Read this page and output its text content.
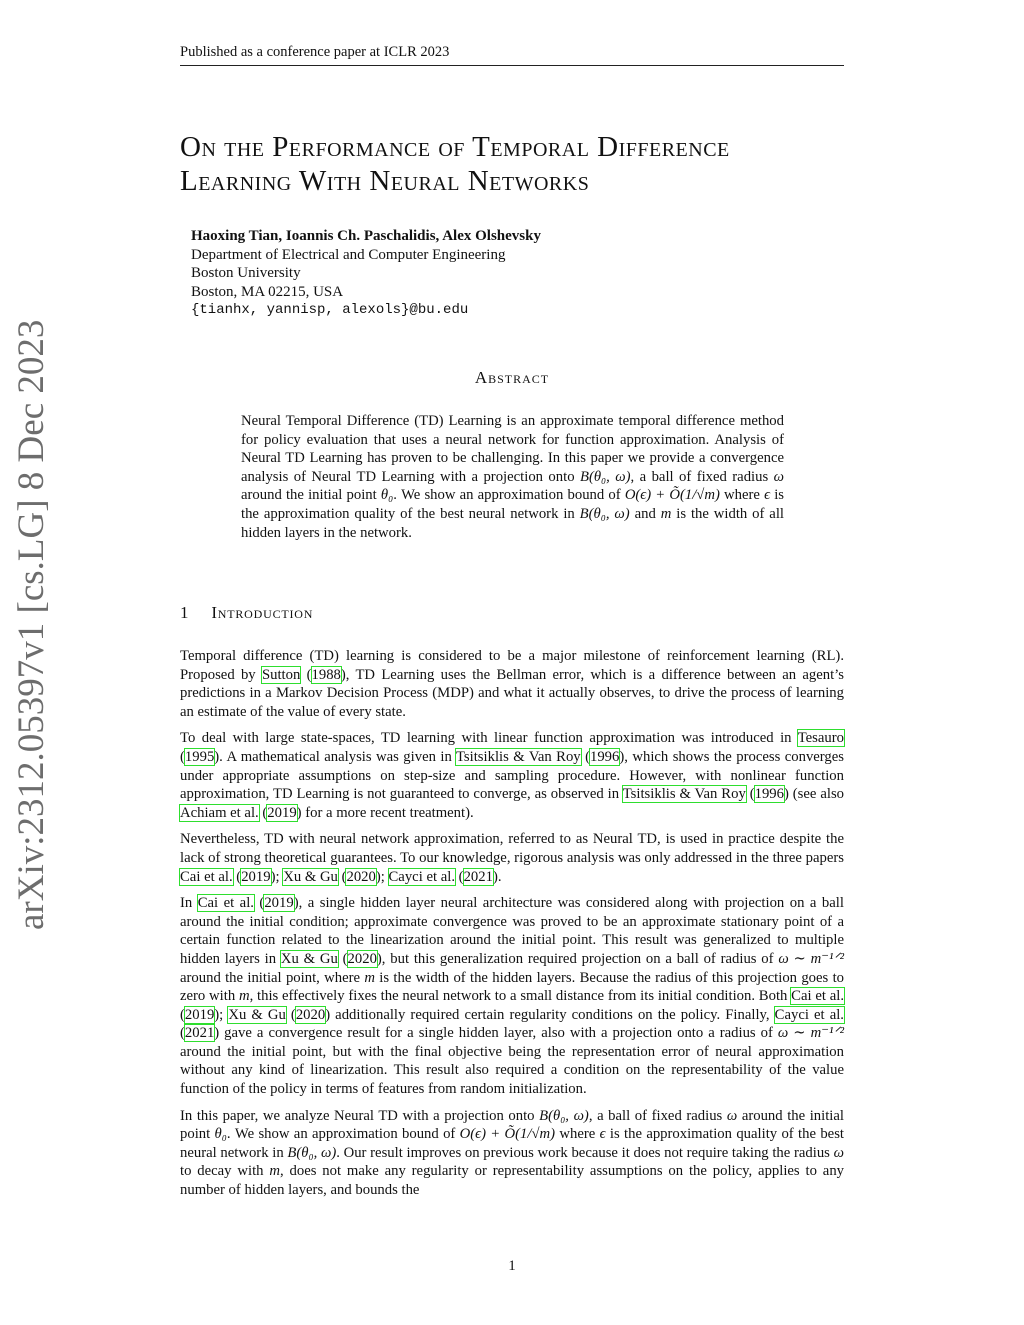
Published as a conference paper at ICLR 2023
arXiv:2312.05397v1 [cs.LG] 8 Dec 2023
On the Performance of Temporal Difference
Learning With Neural Networks
Haoxing Tian, Ioannis Ch. Paschalidis, Alex Olshevsky
Department of Electrical and Computer Engineering
Boston University
Boston, MA 02215, USA
{tianhx, yannisp, alexols}@bu.edu
Abstract
Neural Temporal Difference (TD) Learning is an approximate temporal difference method for policy evaluation that uses a neural network for function approximation. Analysis of Neural TD Learning has proven to be challenging. In this paper we provide a convergence analysis of Neural TD Learning with a projection onto B(θ₀, ω), a ball of fixed radius ω around the initial point θ₀. We show an approximation bound of O(ϵ) + Õ(1/√m) where ϵ is the approximation quality of the best neural network in B(θ₀, ω) and m is the width of all hidden layers in the network.
1 Introduction

Temporal difference (TD) learning is considered to be a major milestone of reinforcement learning (RL). Proposed by Sutton (1988), TD Learning uses the Bellman error, which is a difference between an agent’s predictions in a Markov Decision Process (MDP) and what it actually observes, to drive the process of learning an estimate of the value of every state.

To deal with large state-spaces, TD learning with linear function approximation was introduced in Tesauro (1995). A mathematical analysis was given in Tsitsiklis & Van Roy (1996), which shows the process converges under appropriate assumptions on step-size and sampling procedure. However, with nonlinear function approximation, TD Learning is not guaranteed to converge, as observed in Tsitsiklis & Van Roy (1996) (see also Achiam et al. (2019) for a more recent treatment).

Nevertheless, TD with neural network approximation, referred to as Neural TD, is used in practice despite the lack of strong theoretical guarantees. To our knowledge, rigorous analysis was only addressed in the three papers Cai et al. (2019); Xu & Gu (2020); Cayci et al. (2021).

In Cai et al. (2019), a single hidden layer neural architecture was considered along with projection on a ball around the initial condition; approximate convergence was proved to be an approximate stationary point of a certain function related to the linearization around the initial point. This result was generalized to multiple hidden layers in Xu & Gu (2020), but this generalization required projection on a ball of radius of ω ∼ m⁻¹ᐟ² around the initial point, where m is the width of the hidden layers. Because the radius of this projection goes to zero with m, this effectively fixes the neural network to a small distance from its initial condition. Both Cai et al. (2019); Xu & Gu (2020) additionally required certain regularity conditions on the policy. Finally, Cayci et al. (2021) gave a convergence result for a single hidden layer, also with a projection onto a radius of ω ∼ m⁻¹ᐟ² around the initial point, but with the final objective being the representation error of neural approximation without any kind of linearization. This result also required a condition on the representability of the value function of the policy in terms of features from random initialization.

In this paper, we analyze Neural TD with a projection onto B(θ₀, ω), a ball of fixed radius ω around the initial point θ₀. We show an approximation bound of O(ϵ) + Õ(1/√m) where ϵ is the approximation quality of the best neural network in B(θ₀, ω). Our result improves on previous work because it does not require taking the radius ω to decay with m, does not make any regularity or representability assumptions on the policy, applies to any number of hidden layers, and bounds the

1
